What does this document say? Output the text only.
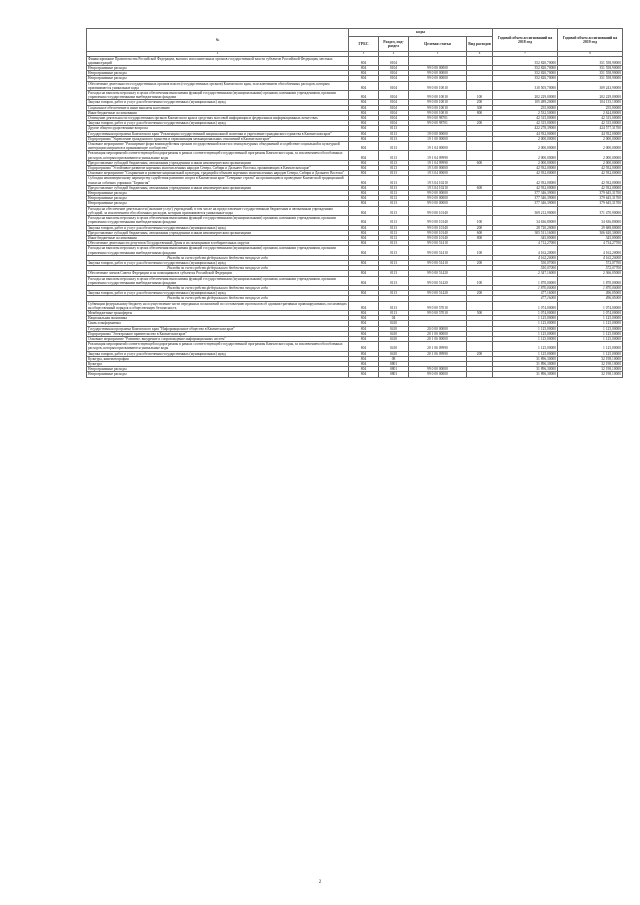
№	коды				Годовой объем ассигнований на 2018 год	Годовой объем ассигнований на 2019 год
	ГРБС	Раздел, под-раздел	Целевая статья	Вид расходов		
2	3	4	5	6	7	8
Финансирование Правительства Российской Федерации, высших исполнительных органов государственной власти субъектов Российской Федерации, местных администраций	804	0104			352 820,70000	351 558,90000
Непрограммные расходы	804	0104	99 0 00 00000		352 820,70000	351 558,90000
Непрограммные расходы	804	0104	99 0 00 00000		352 820,70000	351 558,90000
Непрограммные расходы	804	0104	99 0 00 00000		352 820,70000	351 558,90000
Обеспечение деятельности государственных органов власти (государственных органов) Камчатского края, за исключением обособленных расходов, которым присваиваются уникальные коды	804	0104	99 0 00 10010		310 505,70000	309 243,90000
Расходы на выплаты персоналу в целях обеспечения выполнения функций государственными (муниципальными) органами, казенными учреждениями, органами управления государственными внебюджетными фондами	804	0104	99 0 00 10010	100	202 229,00000	202 229,00000
Закупка товаров, работ и услуг для обеспечения государственных (муниципальных) нужд	804	0104	99 0 00 10010	200	105 489,20000	104 135,10000
Социальное обеспечение и иные выплаты населению	804	0104	99 0 00 10010	300	255,00000	255,00000
Иные бюджетные ассигнования	804	0104	99 0 00 10010	800	2 532,50000	2 624,80000
Освещение деятельности государственных органов Камчатского края в средствах массовой информации и федеральных информационных агентствах	804	0104	99 0 00 98701		42 315,00000	42 315,00000
Закупка товаров, работ и услуг для обеспечения государственных (муниципальных) нужд	804	0104	99 0 00 98701	200	42 315,00000	42 315,00000
Другие общегосударственные вопросы	804	0113			422 278,39000	424 577,31700
Государственная программа Камчатского края "Реализация государственной национальной политики и укрепление гражданского единства в Камчатском крае"	804	0113	19 0 00 00000		44 932,00000	44 932,00000
Подпрограмма "Укрепление гражданского единства и гармонизация межнациональных отношений в Камчатском крае"	804	0113	19 1 00 00000		2 000,00000	2 000,00000
Основное мероприятие "Расширение форм взаимодействия органов государственной власти и этнокультурных объединений и содействие социальной и культурной интеграции мигрантов в принимающее сообщество"	804	0113	19 1 04 00000		2 000,00000	2 000,00000
Реализация мероприятий соответствующей подпрограммы в рамках соответствующей государственной программы Камчатского края, за исключением обособленных расходов, которым присваиваются уникальные коды	804	0113	19 1 04 09990		2 000,00000	2 000,00000
Предоставление субсидий бюджетным, автономным учреждениям и иным некоммерческим организациям	804	0113	19 1 04 09990	600	2 000,00000	2 000,00000
Подпрограмма "Устойчивое развитие коренных малочисленных народов Севера, Сибири и Дальнего Востока, проживающих в Камчатском крае"	804	0113	19 3 00 00000		42 932,00000	42 932,00000
Основное мероприятие "Сохранение и развитие национальной культуры, традиций и обычаев коренных малочисленных народов Севера, Сибири и Дальнего Востока"	804	0113	19 3 04 00000		42 932,00000	42 932,00000
Субсидия некоммерческому партнерству содействия развитию спорта в Камчатском крае "Северные стрелы" на организацию и проведение Камчатской традиционной гонки на собачьих упряжках "Берингия"	804	0113	19 3 04 10210		42 932,00000	42 932,00000
Предоставление субсидий бюджетным, автономным учреждениям и иным некоммерческим организациям	804	0113	19 3 04 10210	600	42 932,00000	42 932,00000
Непрограммные расходы	804	0113	99 0 00 00000		377 346,39000	379 645,31700
Непрограммные расходы	804	0113	99 0 00 00000		377 346,39000	379 645,31700
Непрограммные расходы	804	0113	99 0 00 00000		377 346,39000	379 645,31700
Расходы на обеспечение деятельности (оказание услуг) учреждений, в том числе на предоставление государственным бюджетным и автономным учреждениям субсидий, за исключением обособленных расходов, которым присваиваются уникальные коды	804	0113	99 0 00 10140		369 212,90000	371 470,90000
Расходы на выплаты персоналу в целях обеспечения выполнения функций государственными (муниципальными) органами, казенными учреждениями, органами управления государственными внебюджетными фондами	804	0113	99 0 00 10140	100	34 636,80000	34 636,80000
Закупка товаров, работ и услуг для обеспечения государственных (муниципальных) нужд	804	0113	99 0 00 10140	200	28 720,20000	29 688,80000
Предоставление субсидий бюджетным, автономным учреждениям и иным некоммерческим организациям	804	0113	99 0 00 10140	600	305 511,16000	306 620,30000
Иные бюджетные ассигнования	804	0113	99 0 00 10140	800	345,00000	345,00000
Обеспечение деятельности депутатов Государственной Думы и их помощников в избирательных округах	804	0113	99 0 00 51410		4 712,27000	4 734,27700
Расходы на выплаты персоналу в целях обеспечения выполнения функций государственными (муниципальными) органами, казенными учреждениями, органами управления государственными внебюджетными фондами	804	0113	99 0 00 51410	100	4 162,20000	4 162,20000
Расходы за счет средств федерального бюджета текущего года					4 162,20000	4 162,20000
Закупка товаров, работ и услуг для обеспечения государственных (муниципальных) нужд	804	0113	99 0 00 51410	200	550,07000	572,07700
Расходы за счет средств федерального бюджета текущего года					550,07000	572,07700
Обеспечение членов Совета Федерации и их помощников в субъектах Российской Федерации	804	0113	99 0 00 51420		2 347,16000	2 366,05000
Расходы на выплаты персоналу в целях обеспечения выполнения функций государственными (муниципальными) органами, казенными учреждениями, органами управления государственными внебюджетными фондами	804	0113	99 0 00 51420	100	1 870,00000	1 870,00000
Расходы за счет средств федерального бюджета текущего года					1 870,00000	1 870,00000
Закупка товаров, работ и услуг для обеспечения государственных (муниципальных) нужд	804	0113	99 0 00 51420	200	477,16000	496,05000
Расходы за счет средств федерального бюджета текущего года					477,16000	496,05000
Субвенции федеральному бюджету на осуществление части переданных полномочий по составлению протоколов об административных правонарушениях, посягающих на общественный порядок и общественную безопасность	804	0113	99 0 00 57010		1 074,00000	1 074,00000
Межбюджетные трансферты	804	0113	99 0 00 57010	500	1 074,00000	1 074,00000
Национальная экономика	804	04			1 125,00000	1 125,00000
Связь и информатика	804	0410			1 125,00000	1 125,00000
Государственная программа Камчатского края "Информационное общество в Камчатском крае"	804	0410	20 0 00 00000		1 125,00000	1 125,00000
Подпрограмма "Электронное правительство в Камчатском крае"	804	0410	20 1 00 00000		1 125,00000	1 125,00000
Основное мероприятие "Развитие, внедрение и сопровождение информационных систем"	804	0410	20 1 06 00000		1 125,00000	1 125,00000
Реализация мероприятий соответствующей подпрограммы в рамках соответствующей государственной программы Камчатского края, за исключением обособленных расходов, которым присваиваются уникальные коды	804	0410	20 1 06 09990		1 125,00000	1 125,00000
Закупка товаров, работ и услуг для обеспечения государственных (муниципальных) нужд	804	0410	20 1 06 09990	200	1 125,00000	1 125,00000
Культура, кинематография	804	08			31 896,30000	32 198,10000
Культура	804	0801			31 896,30000	32 198,10000
Непрограммные расходы	804	0801	99 0 00 00000		31 896,30000	32 198,10000
Непрограммные расходы	804	0801	99 0 00 00000		31 896,30000	32 198,10000
2
